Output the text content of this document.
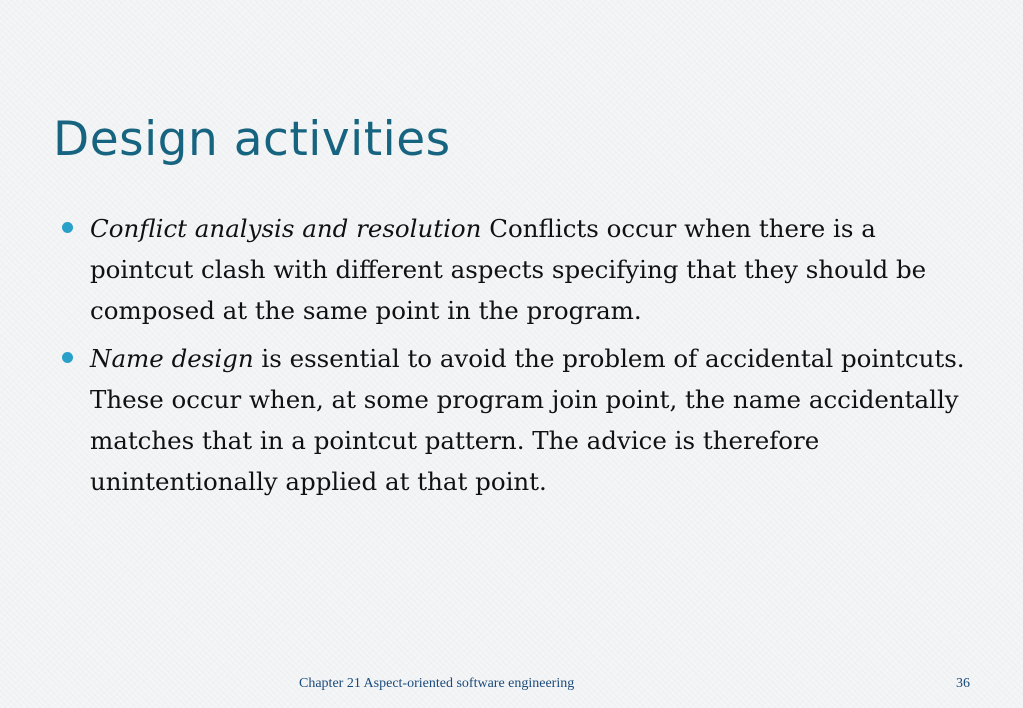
Design activities
Conflict analysis and resolution Conflicts occur when there is a pointcut clash with different aspects specifying that they should be composed at the same point in the program.
Name design is essential to avoid the problem of accidental pointcuts. These occur when, at some program join point, the name accidentally matches that in a pointcut pattern. The advice is therefore unintentionally applied at that point.
Chapter 21 Aspect-oriented software engineering	36
